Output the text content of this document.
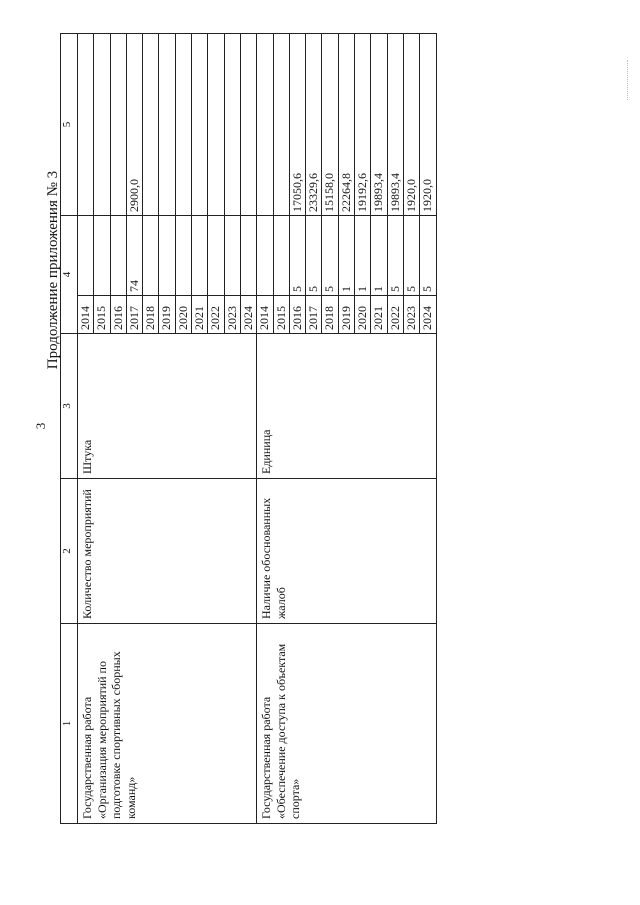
3
Продолжение приложения № 3
1	2	3	4		5
Государственная работа «Организация мероприятий по подготовке спортивных сборных команд»	Количество мероприятий	Штука	2014		
			2015		
			2016		
			2017	74	2900,0
			2018		
			2019		
			2020		
			2021		
			2022		
			2023		
			2024		
Государственная работа «Обеспечение доступа к объектам спорта»	Наличие обоснованных жалоб	Единица	2014		
			2015		
			2016	5	17050,6
			2017	5	23329,6
			2018	5	15158,0
			2019	1	22264,8
			2020	1	19192,6
			2021	1	19893,4
			2022	5	19893,4
			2023	5	1920,0
			2024	5	1920,0
